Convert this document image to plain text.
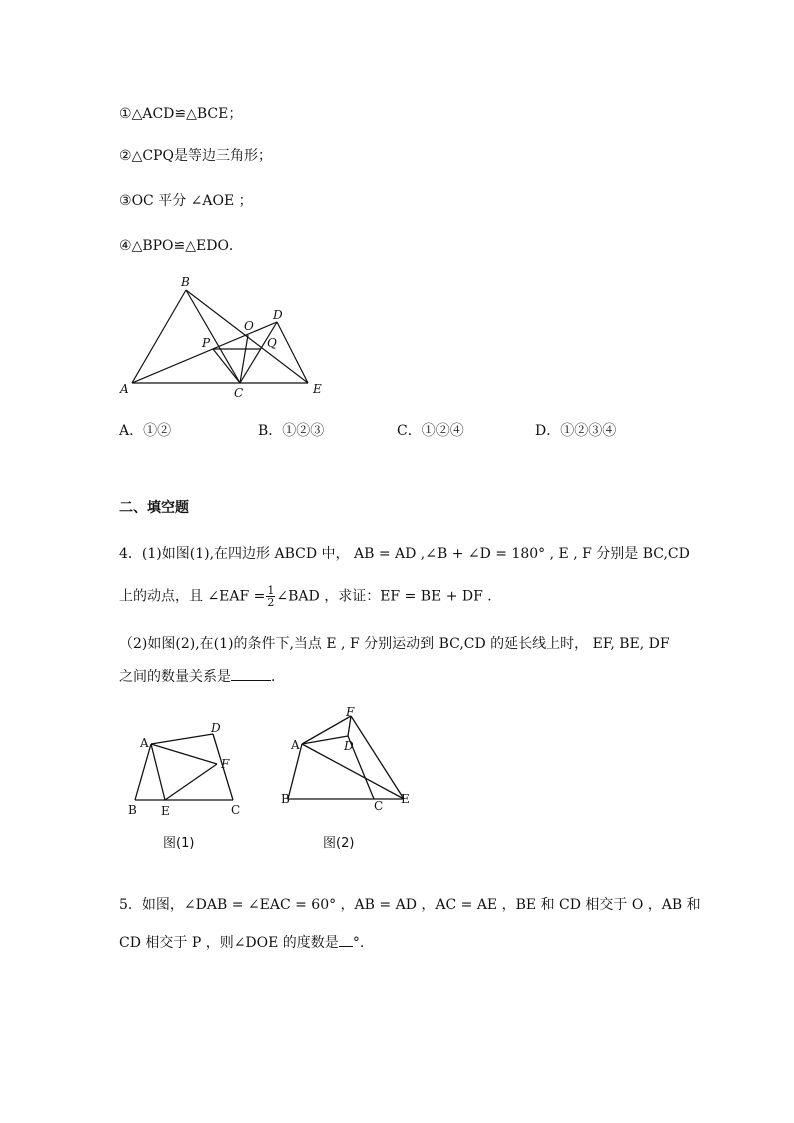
①△ACD≌△BCE；
②△CPQ是等边三角形；
③OC 平分 ∠AOE ；
④△BPO≌△EDO．
A
B
C
D
E
O
P	Q
A．①②	B．①②③	C．①②④	D．①②③④
二、填空题
4．(1)如图(1),在四边形 ABCD 中， AB = AD ,∠B + ∠D = 180° , E , F 分别是 BC,CD
上的动点，且 ∠EAF = $\frac{1}{2}$ ∠BAD ，求证：EF = BE + DF ．
（2)如图(2),在(1)的条件下,当点 E , F 分别运动到 BC,CD 的延长线上时， EF, BE, DF
之间的数量关系是	．
A
B	C
D
E
F
图(1)
A
B	C
D
E
F
图(2)
5．如图，∠DAB = ∠EAC = 60° ，AB = AD ，AC = AE ，BE 和 CD 相交于 O ，AB 和
CD 相交于 P ，则∠DOE 的度数是 °.
